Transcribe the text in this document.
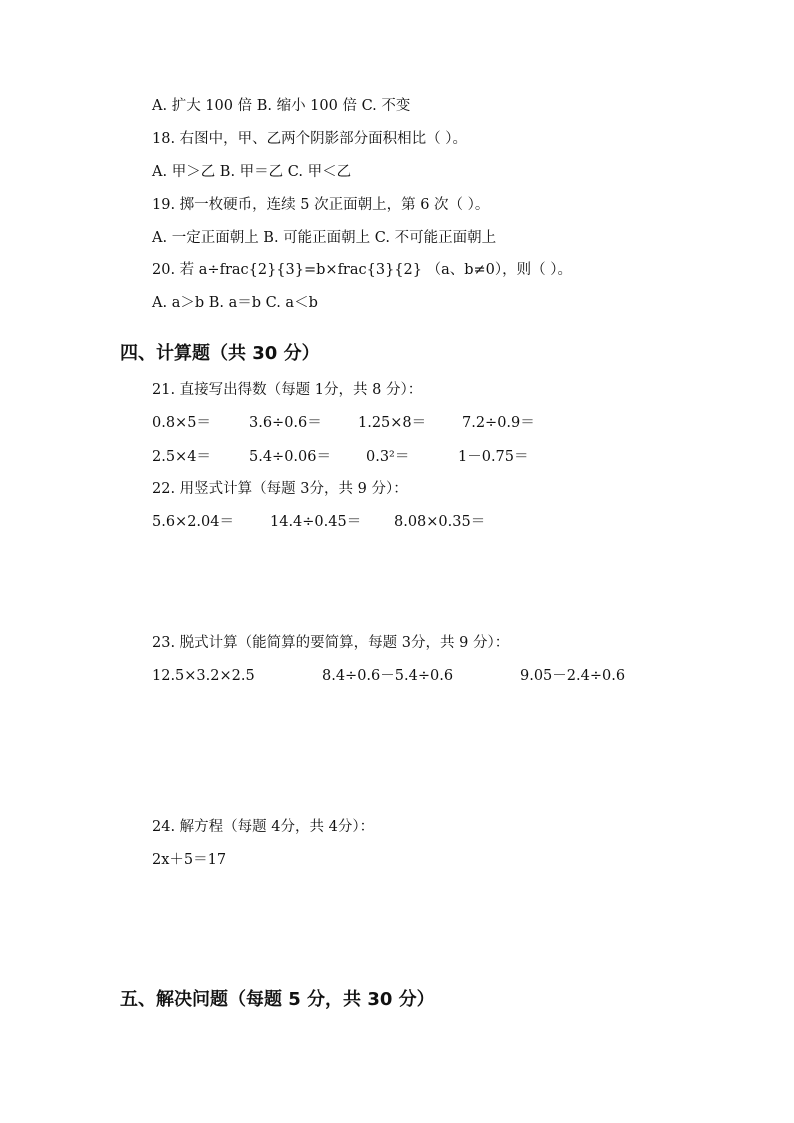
A. 扩大 100 倍 B. 缩小 100 倍 C. 不变
18. 右图中，甲、乙两个阴影部分面积相比（ ）。
A. 甲＞乙 B. 甲＝乙 C. 甲＜乙
19. 掷一枚硬币，连续 5 次正面朝上，第 6 次（ ）。
A. 一定正面朝上 B. 可能正面朝上 C. 不可能正面朝上
20. 若 a÷frac{2}{3}=b×frac{3}{2} （a、b≠0），则（ ）。
A. a＞b B. a＝b C. a＜b
四、计算题（共 30 分）
21. 直接写出得数（每题 1分，共 8 分）：
0.8×5＝	3.6÷0.6＝ 1.25×8＝ 7.2÷0.9＝
2.5×4＝	5.4÷0.06＝ 0.3²＝	1－0.75＝
22. 用竖式计算（每题 3分，共 9 分）：
5.6×2.04＝ 14.4÷0.45＝ 8.08×0.35＝
23. 脱式计算（能简算的要简算，每题 3分，共 9 分）：
12.5×3.2×2.5	8.4÷0.6－5.4÷0.6	9.05－2.4÷0.6
24. 解方程（每题 4分，共 4分）：
2x＋5＝17
五、解决问题（每题 5 分，共 30 分）
